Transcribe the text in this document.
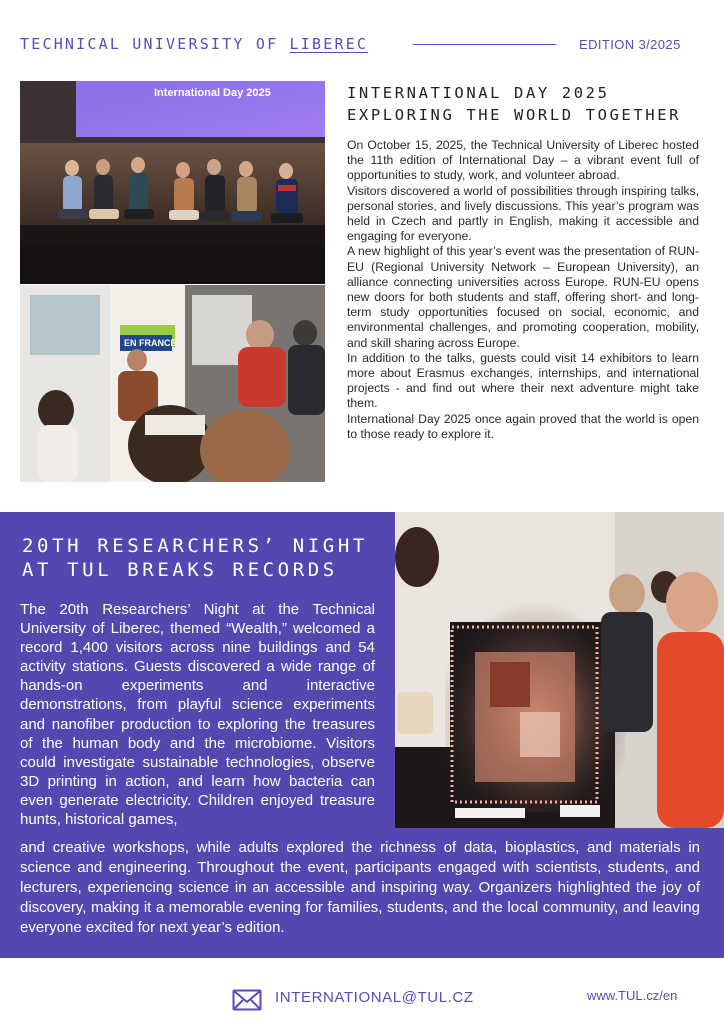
TECHNICAL UNIVERSITY OF LIBEREC	EDITION 3/2025
International Day 2025
EN FRANCE
INTERNATIONAL DAY 2025
EXPLORING THE WORLD TOGETHER

On October 15, 2025, the Technical University of Liberec hosted the 11th edition of International Day – a vibrant event full of opportunities to study, work, and volunteer abroad.

Visitors discovered a world of possibilities through inspiring talks, personal stories, and lively discussions. This year’s program was held in Czech and partly in English, making it accessible and engaging for everyone.

A new highlight of this year’s event was the presentation of RUN-EU (Regional University Network – European University), an alliance connecting universities across Europe. RUN-EU opens new doors for both students and staff, offering short- and long-term study opportunities focused on social, economic, and environmental challenges, and promoting cooperation, mobility, and skill sharing across Europe.

In addition to the talks, guests could visit 14 exhibitors to learn more about Erasmus exchanges, internships, and international projects - and find out where their next adventure might take them.

International Day 2025 once again proved that the world is open to those ready to explore it.

20TH RESEARCHERS’ NIGHT
AT TUL BREAKS RECORDS

The 20th Researchers’ Night at the Technical University of Liberec, themed “Wealth,” welcomed a record 1,400 visitors across nine buildings and 54 activity stations. Guests discovered a wide range of hands-on experiments and interactive demonstrations, from playful science experiments and nanofiber production to exploring the treasures of the human body and the microbiome. Visitors could investigate sustainable technologies, observe 3D printing in action, and learn how bacteria can even generate electricity. Children enjoyed treasure hunts, historical games,

and creative workshops, while adults explored the richness of data, bioplastics, and materials in science and engineering. Throughout the event, participants engaged with scientists, students, and lecturers, experiencing science in an accessible and inspiring way. Organizers highlighted the joy of discovery, making it a memorable evening for families, students, and the local community, and leaving everyone excited for next year’s edition.

INTERNATIONAL@TUL.CZ	www.TUL.cz/en
